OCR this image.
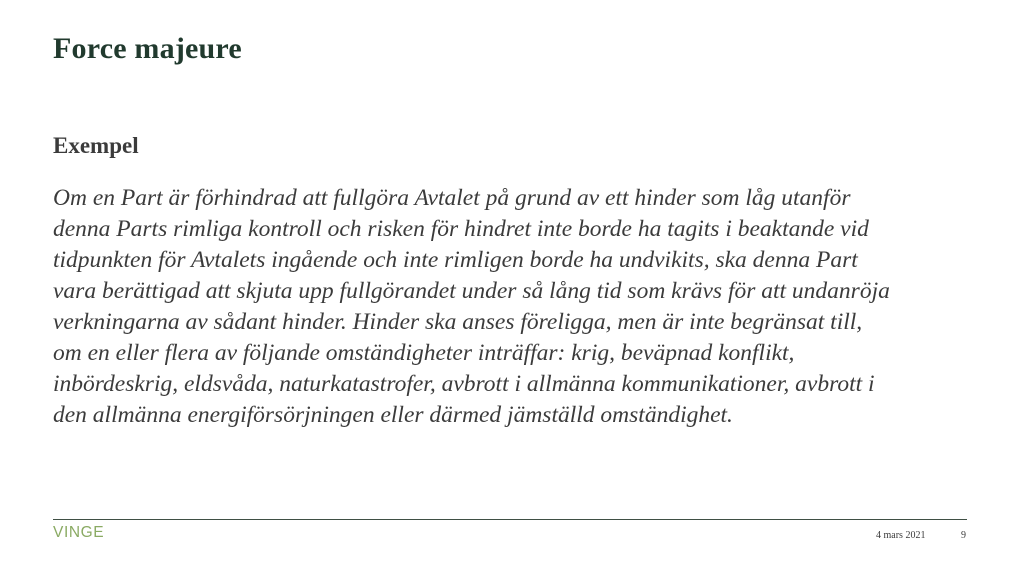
Force majeure
Exempel
Om en Part är förhindrad att fullgöra Avtalet på grund av ett hinder som låg utanför
denna Parts rimliga kontroll och risken för hindret inte borde ha tagits i beaktande vid
tidpunkten för Avtalets ingående och inte rimligen borde ha undvikits, ska denna Part
vara berättigad att skjuta upp fullgörandet under så lång tid som krävs för att undanröja
verkningarna av sådant hinder. Hinder ska anses föreligga, men är inte begränsat till,
om en eller flera av följande omständigheter inträffar: krig, beväpnad konflikt,
inbördeskrig, eldsvåda, naturkatastrofer, avbrott i allmänna kommunikationer, avbrott i
den allmänna energiförsörjningen eller därmed jämställd omständighet.
VINGE	4 mars 2021	9
